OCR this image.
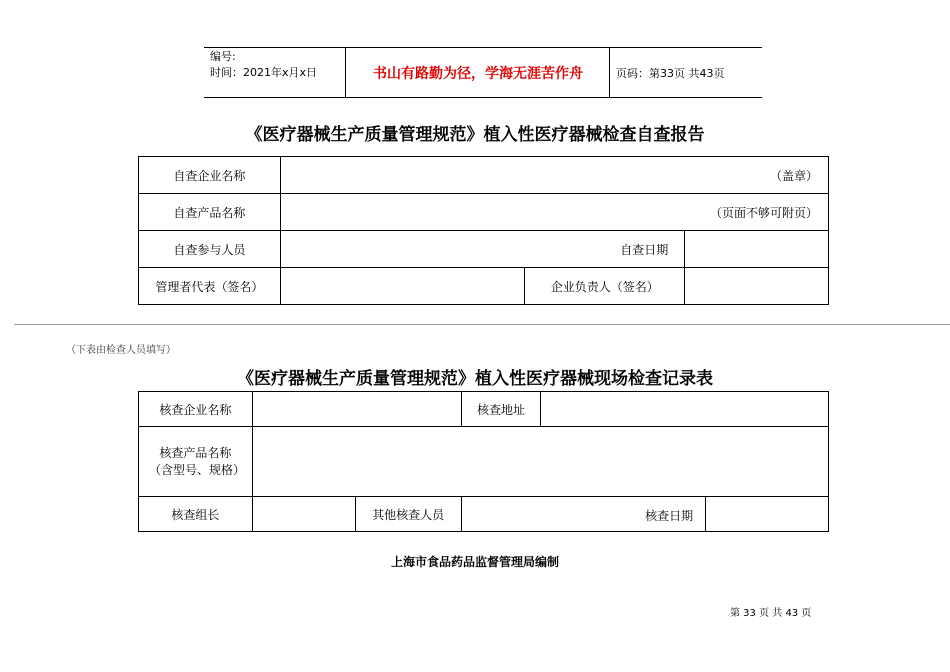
编号:
时间：2021年x月x日	书山有路勤为径，学海无涯苦作舟	页码：第33页 共43页
《医疗器械生产质量管理规范》植入性医疗器械检查自查报告
自查企业名称	（盖章）		
自查产品名称	（页面不够可附页）		
自查参与人员	自查日期		

管理者代表（签名）		企业负责人（签名）	
（下表由检查人员填写）
《医疗器械生产质量管理规范》植入性医疗器械现场检查记录表
核查企业名称			核查地址		
核查产品名称（含型号、规格）					
核查组长		其他核查人员	核查日期		

上海市食品药品监督管理局编制
第 33 页 共 43 页
